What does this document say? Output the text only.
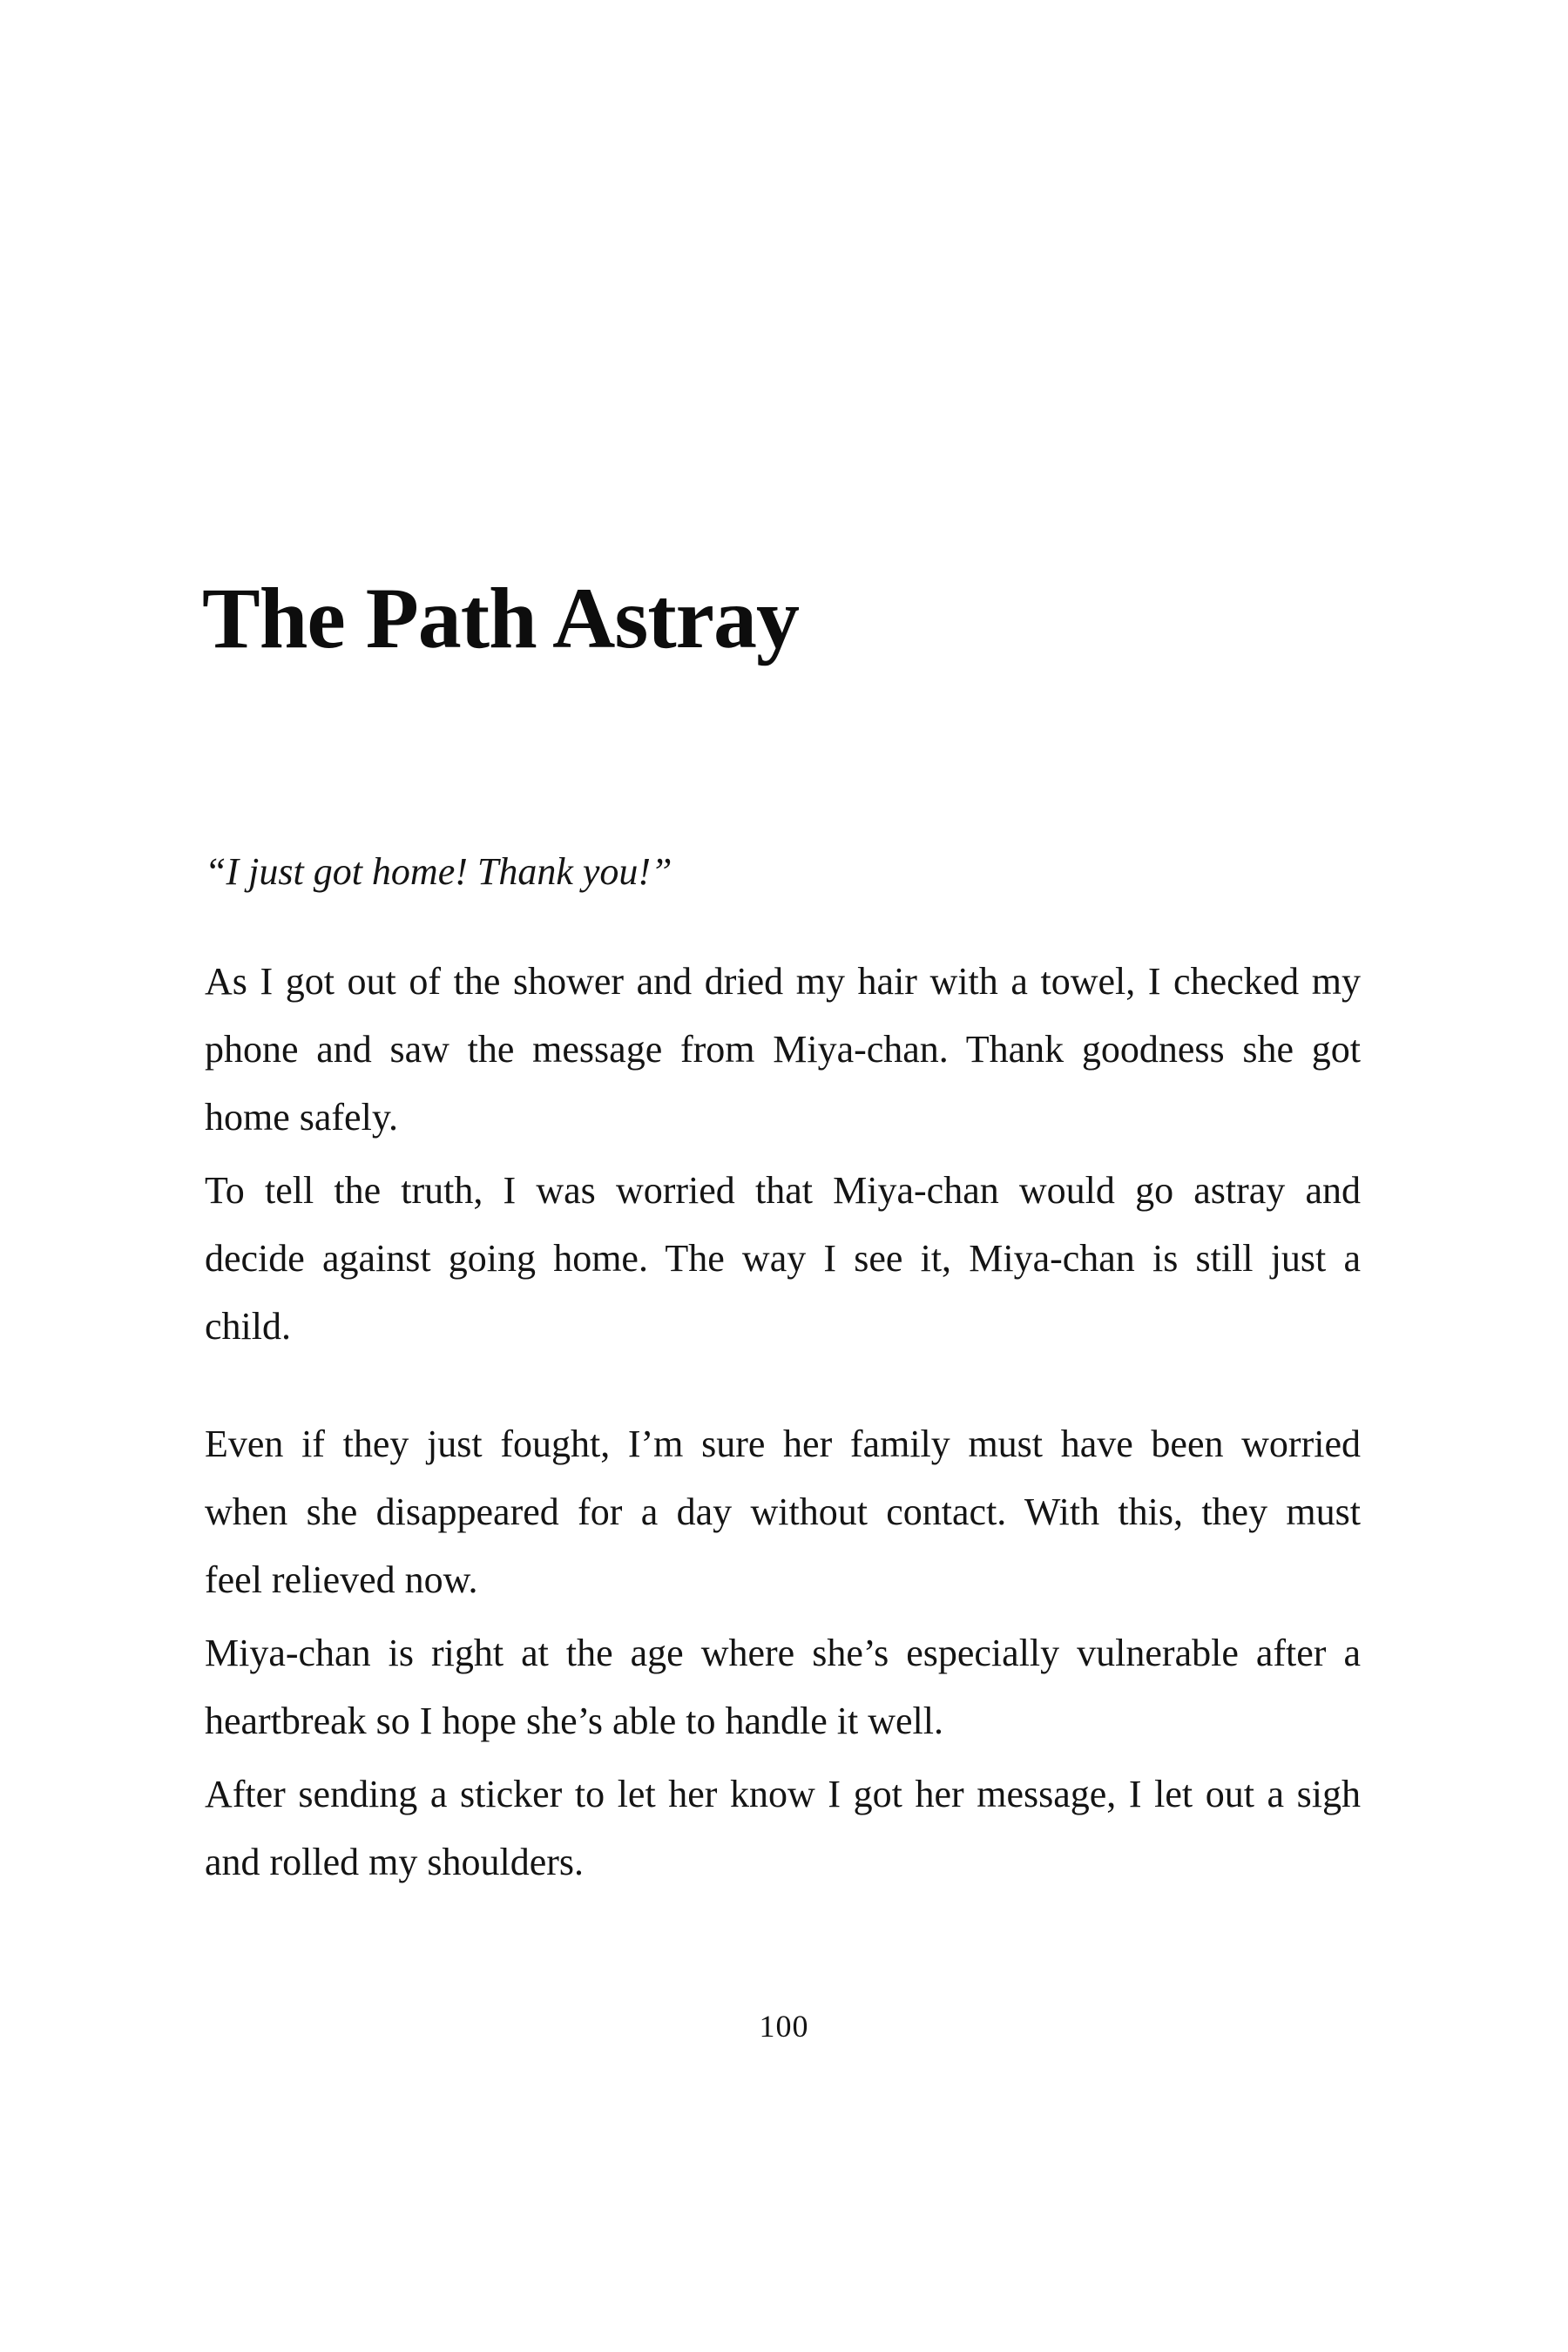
The Path Astray
“I just got home! Thank you!”
As I got out of the shower and dried my hair with a towel, I checked my
phone and saw the message from Miya-chan. Thank goodness she got
home safely.
To tell the truth, I was worried that Miya-chan would go astray and
decide against going home. The way I see it, Miya-chan is still just a
child.
Even if they just fought, I’m sure her family must have been worried
when she disappeared for a day without contact. With this, they must
feel relieved now.
Miya-chan is right at the age where she’s especially vulnerable after a
heartbreak so I hope she’s able to handle it well.
After sending a sticker to let her know I got her message, I let out a sigh
and rolled my shoulders.
100
